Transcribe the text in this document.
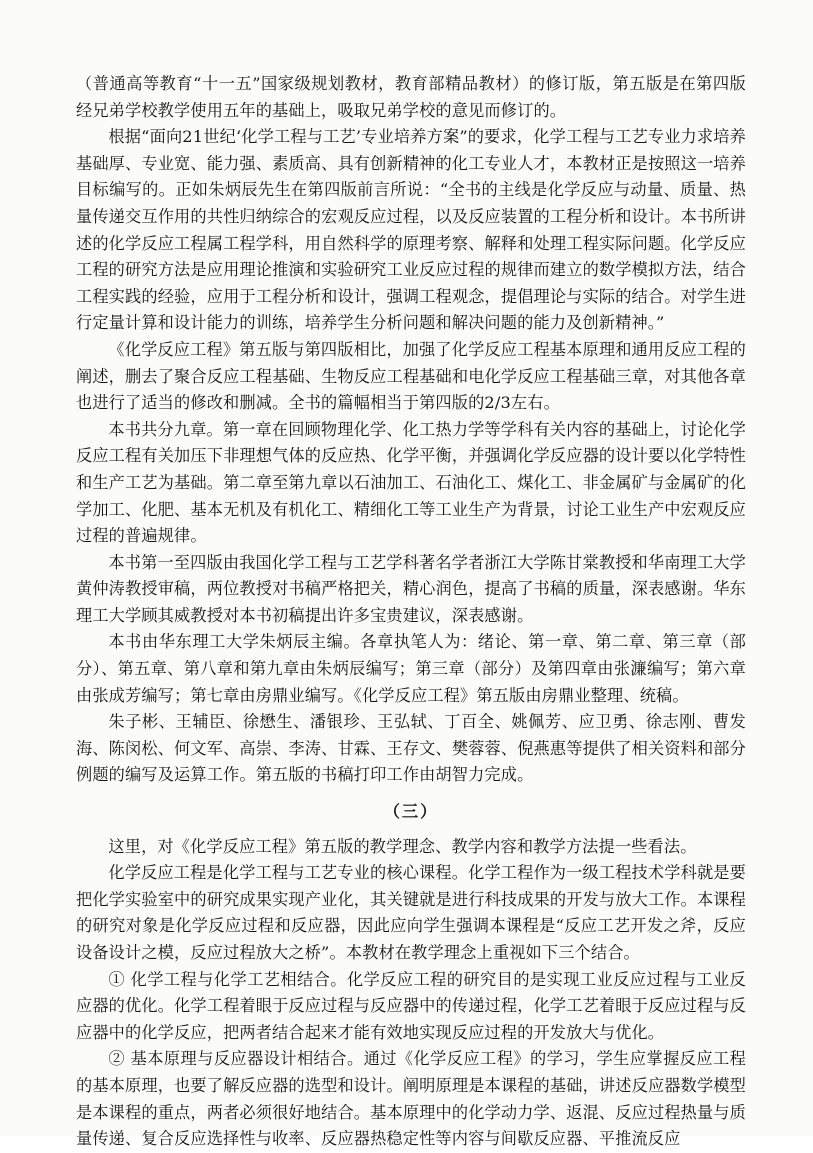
（普通高等教育“十一五”国家级规划教材，教育部精品教材）的修订版，第五版是在第四版经兄弟学校教学使用五年的基础上，吸取兄弟学校的意见而修订的。

根据“面向21世纪‘化学工程与工艺’专业培养方案”的要求，化学工程与工艺专业力求培养基础厚、专业宽、能力强、素质高、具有创新精神的化工专业人才，本教材正是按照这一培养目标编写的。正如朱炳辰先生在第四版前言所说：“全书的主线是化学反应与动量、质量、热量传递交互作用的共性归纳综合的宏观反应过程，以及反应装置的工程分析和设计。本书所讲述的化学反应工程属工程学科，用自然科学的原理考察、解释和处理工程实际问题。化学反应工程的研究方法是应用理论推演和实验研究工业反应过程的规律而建立的数学模拟方法，结合工程实践的经验，应用于工程分析和设计，强调工程观念，提倡理论与实际的结合。对学生进行定量计算和设计能力的训练，培养学生分析问题和解决问题的能力及创新精神。”

《化学反应工程》第五版与第四版相比，加强了化学反应工程基本原理和通用反应工程的阐述，删去了聚合反应工程基础、生物反应工程基础和电化学反应工程基础三章，对其他各章也进行了适当的修改和删减。全书的篇幅相当于第四版的2/3左右。

本书共分九章。第一章在回顾物理化学、化工热力学等学科有关内容的基础上，讨论化学反应工程有关加压下非理想气体的反应热、化学平衡，并强调化学反应器的设计要以化学特性和生产工艺为基础。第二章至第九章以石油加工、石油化工、煤化工、非金属矿与金属矿的化学加工、化肥、基本无机及有机化工、精细化工等工业生产为背景，讨论工业生产中宏观反应过程的普遍规律。

本书第一至四版由我国化学工程与工艺学科著名学者浙江大学陈甘棠教授和华南理工大学黄仲涛教授审稿，两位教授对书稿严格把关，精心润色，提高了书稿的质量，深表感谢。华东理工大学顾其威教授对本书初稿提出许多宝贵建议，深表感谢。

本书由华东理工大学朱炳辰主编。各章执笔人为：绪论、第一章、第二章、第三章（部分）、第五章、第八章和第九章由朱炳辰编写；第三章（部分）及第四章由张濂编写；第六章由张成芳编写；第七章由房鼎业编写。《化学反应工程》第五版由房鼎业整理、统稿。

朱子彬、王辅臣、徐懋生、潘银珍、王弘轼、丁百全、姚佩芳、应卫勇、徐志刚、曹发海、陈闵松、何文军、高崇、李涛、甘霖、王存文、樊蓉蓉、倪燕惠等提供了相关资料和部分例题的编写及运算工作。第五版的书稿打印工作由胡智力完成。

（三）

这里，对《化学反应工程》第五版的教学理念、教学内容和教学方法提一些看法。

化学反应工程是化学工程与工艺专业的核心课程。化学工程作为一级工程技术学科就是要把化学实验室中的研究成果实现产业化，其关键就是进行科技成果的开发与放大工作。本课程的研究对象是化学反应过程和反应器，因此应向学生强调本课程是“反应工艺开发之斧，反应设备设计之模，反应过程放大之桥”。本教材在教学理念上重视如下三个结合。

① 化学工程与化学工艺相结合。化学反应工程的研究目的是实现工业反应过程与工业反应器的优化。化学工程着眼于反应过程与反应器中的传递过程，化学工艺着眼于反应过程与反应器中的化学反应，把两者结合起来才能有效地实现反应过程的开发放大与优化。

② 基本原理与反应器设计相结合。通过《化学反应工程》的学习，学生应掌握反应工程的基本原理，也要了解反应器的选型和设计。阐明原理是本课程的基础，讲述反应器数学模型是本课程的重点，两者必须很好地结合。基本原理中的化学动力学、返混、反应过程热量与质量传递、复合反应选择性与收率、反应器热稳定性等内容与间歇反应器、平推流反应
